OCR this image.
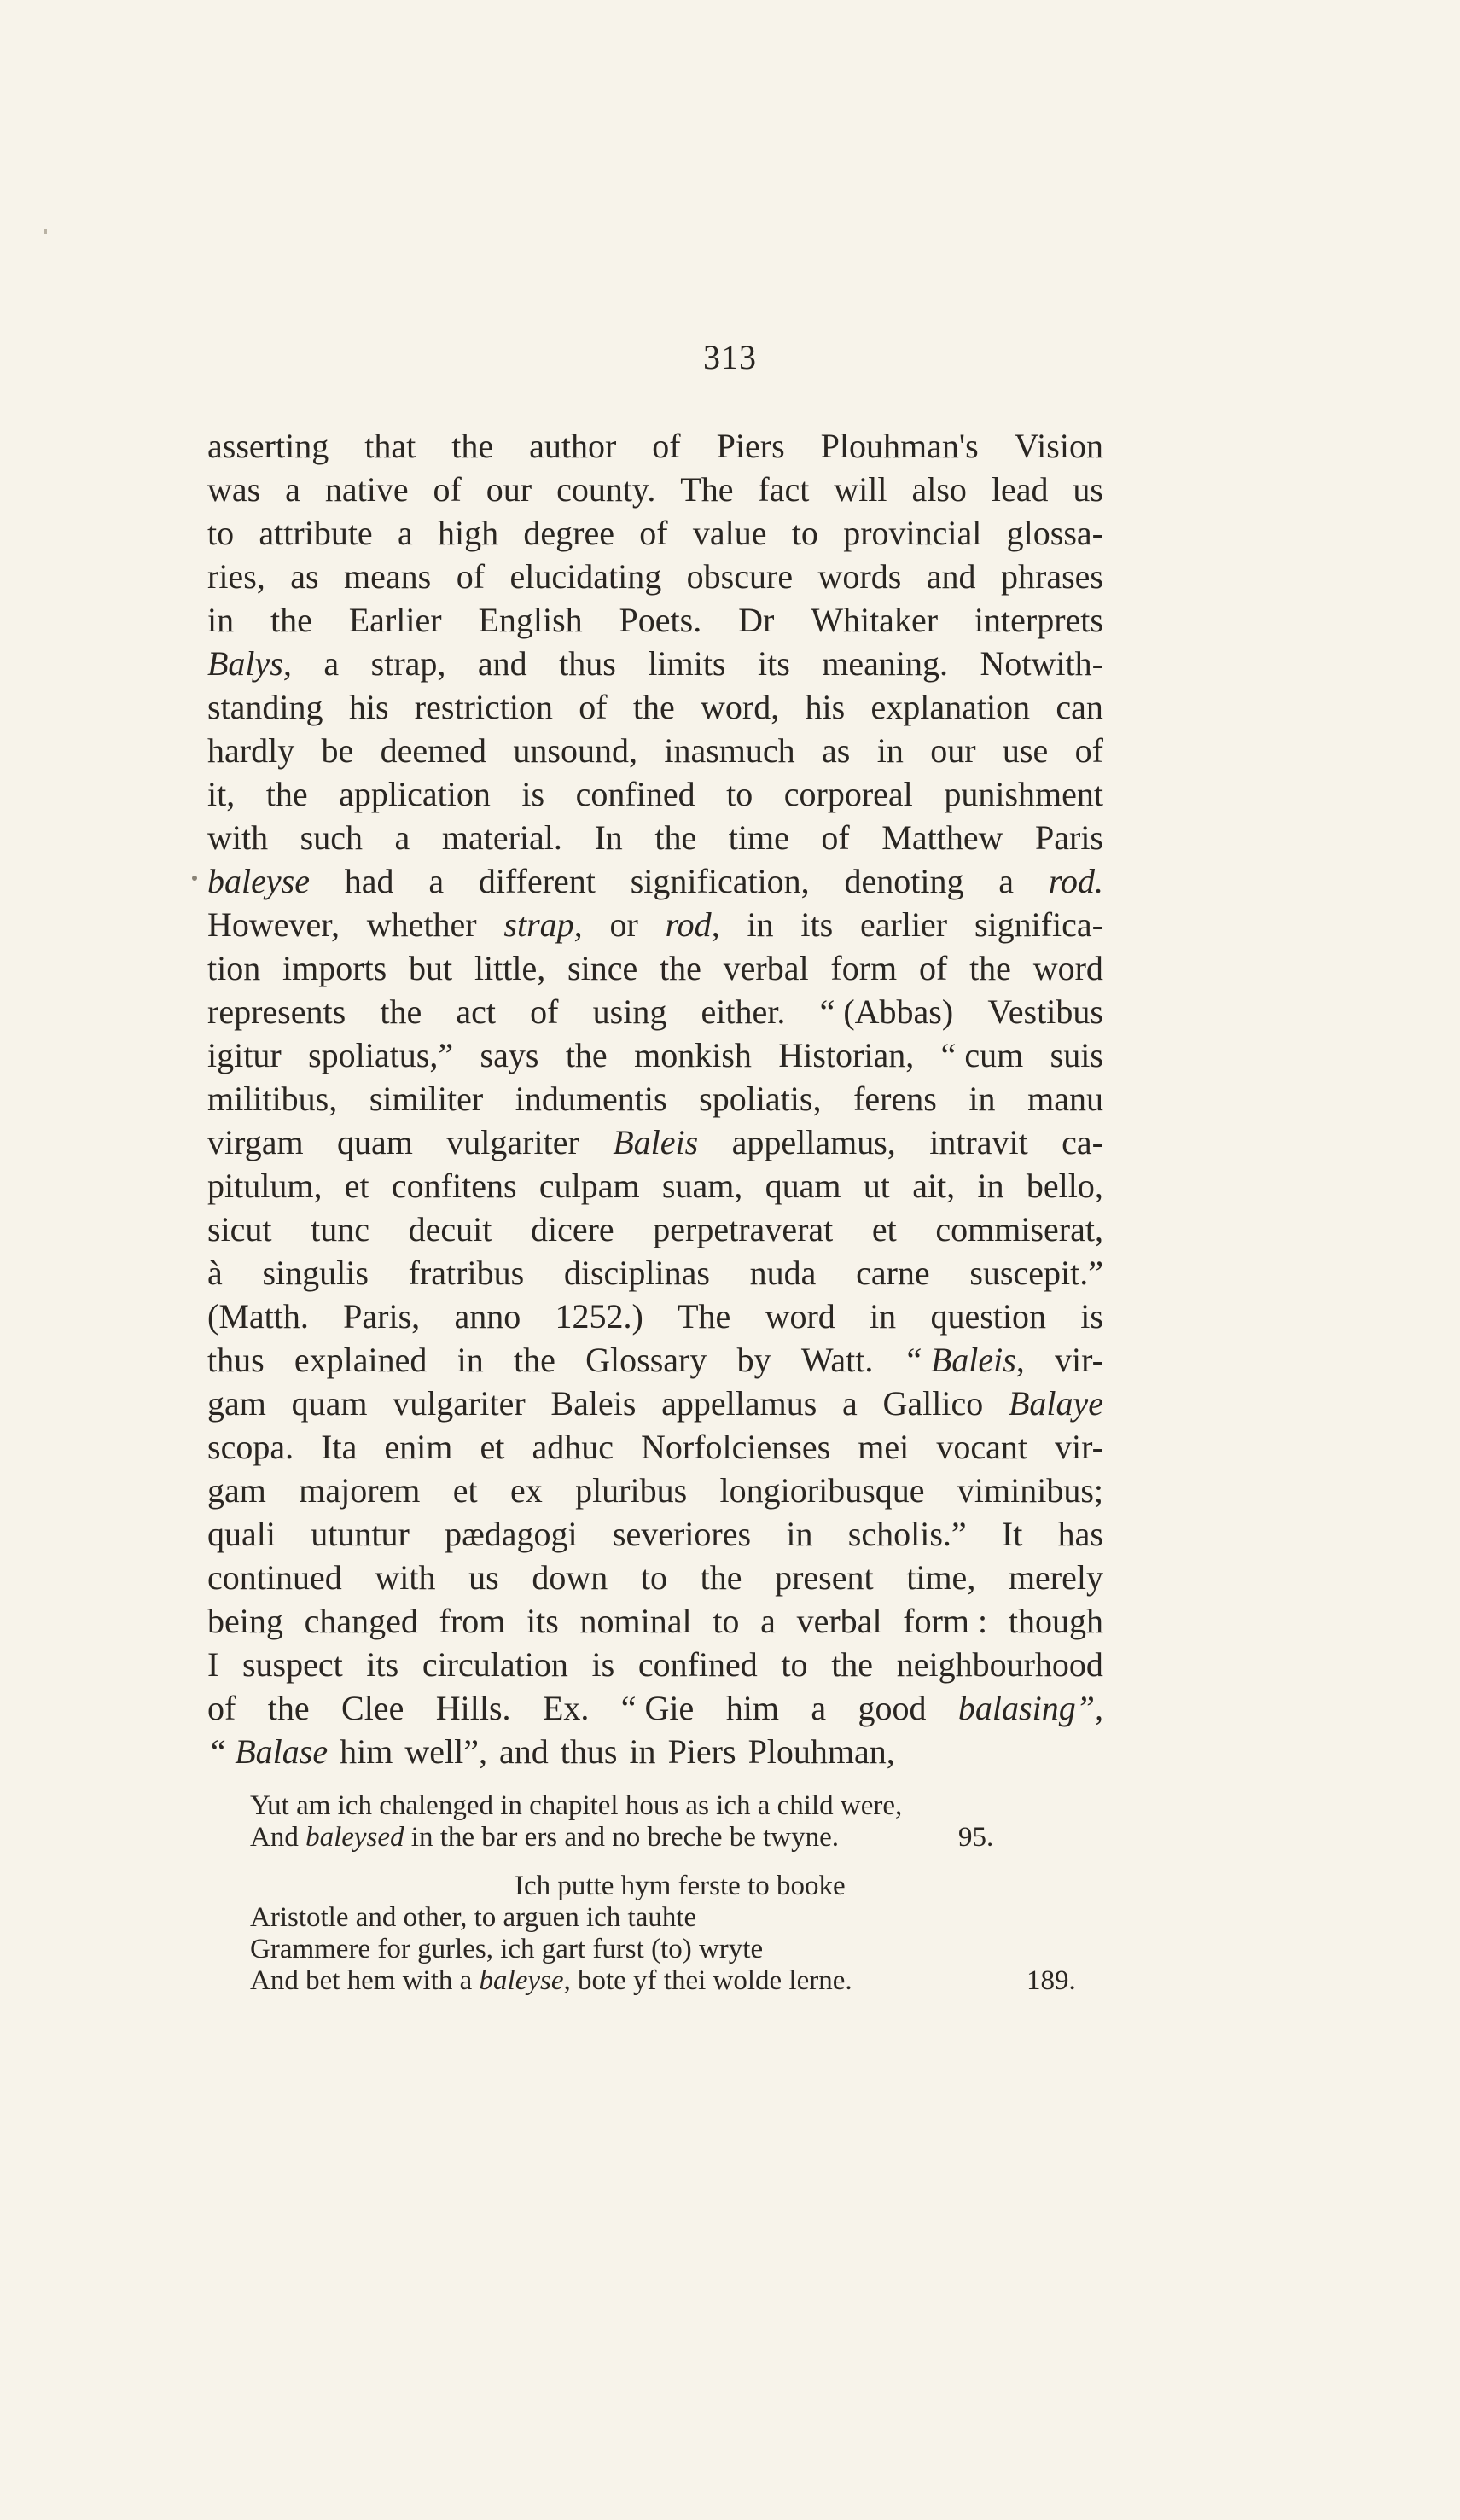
313
asserting that the author of Piers Plouhman's Vision
was a native of our county. The fact will also lead us
to attribute a high degree of value to provincial glossa-
ries, as means of elucidating obscure words and phrases
in the Earlier English Poets. Dr Whitaker interprets
Balys, a strap, and thus limits its meaning. Notwith-
standing his restriction of the word, his explanation can
hardly be deemed unsound, inasmuch as in our use of
it, the application is confined to corporeal punishment
with such a material. In the time of Matthew Paris
baleyse had a different signification, denoting a rod.
However, whether strap, or rod, in its earlier significa-
tion imports but little, since the verbal form of the word
represents the act of using either. “ (Abbas) Vestibus
igitur spoliatus,” says the monkish Historian, “ cum suis
militibus, similiter indumentis spoliatis, ferens in manu
virgam quam vulgariter Baleis appellamus, intravit ca-
pitulum, et confitens culpam suam, quam ut ait, in bello,
sicut tunc decuit dicere perpetraverat et commiserat,
à singulis fratribus disciplinas nuda carne suscepit.”
(Matth. Paris, anno 1252.) The word in question is
thus explained in the Glossary by Watt. “ Baleis, vir-
gam quam vulgariter Baleis appellamus a Gallico Balaye
scopa. Ita enim et adhuc Norfolcienses mei vocant vir-
gam majorem et ex pluribus longioribusque viminibus;
quali utuntur pædagogi severiores in scholis.” It has
continued with us down to the present time, merely
being changed from its nominal to a verbal form : though
I suspect its circulation is confined to the neighbourhood
of the Clee Hills. Ex. “ Gie him a good balasing”,
“ Balase him well”, and thus in Piers Plouhman,
Yut am ich chalenged in chapitel hous as ich a child were,
And baleysed in the bar ers and no breche be twyne.	95.
Ich putte hym ferste to booke
Aristotle and other, to arguen ich tauhte
Grammere for gurles, ich gart furst (to) wryte
And bet hem with a baleyse, bote yf thei wolde lerne.	189.
